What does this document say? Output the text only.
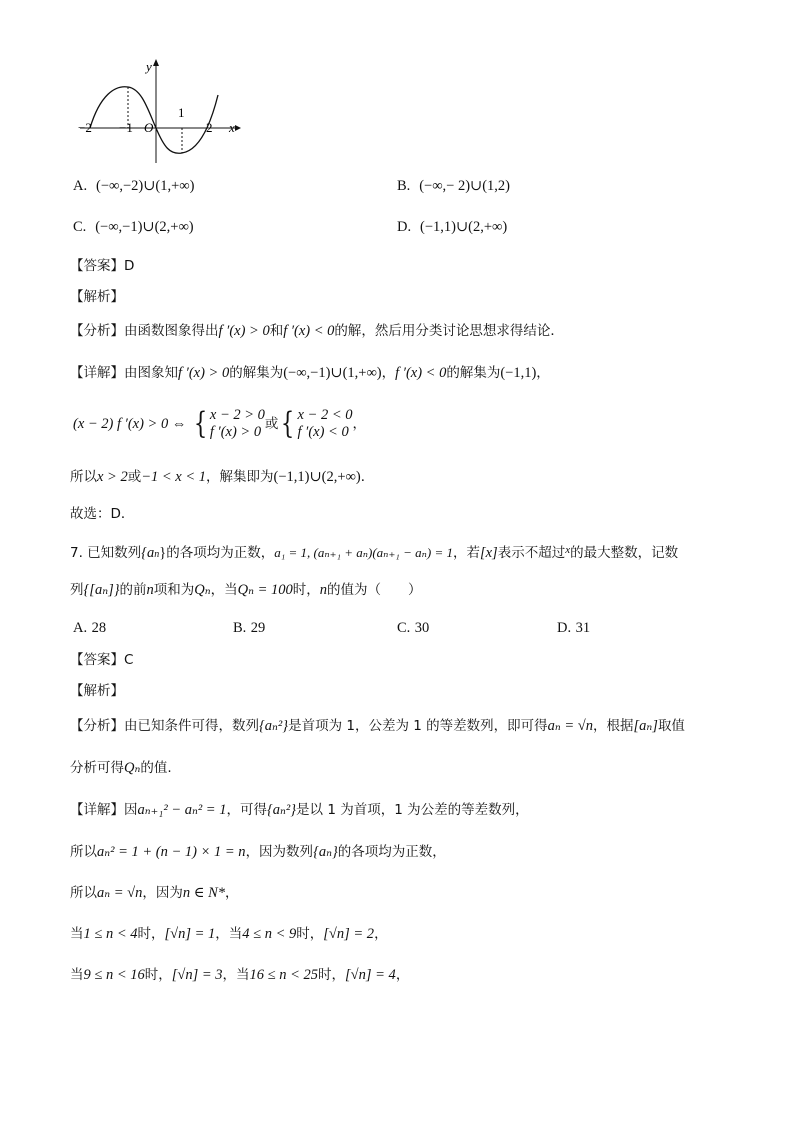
y
x
O
−2 −1
1
2
A. (−∞,−2)∪(1,+∞)	B. (−∞,− 2)∪(1,2)
C. (−∞,−1)∪(2,+∞)	D. (−1,1)∪(2,+∞)
【答案】D
【解析】
【分析】由函数图象得出f ′(x) > 0和f ′(x) < 0的解，然后用分类讨论思想求得结论．
【详解】由图象知f ′(x) > 0的解集为(−∞,−1)∪(1,+∞)，f ′(x) < 0的解集为(−1,1)，
(x − 2) f ′(x) > 0 ⇔ { x − 2 > 0
f ′(x) > 0 或{ x − 2 < 0
f ′(x) < 0 ，
所以x > 2或−1 < x < 1，解集即为(−1,1)∪(2,+∞)．
故选：D．
7. 已知数列{an}的各项均为正数，a₁ = 1, (aₙ₊₁ + aₙ)(aₙ₊₁ − aₙ) = 1，若[x]表示不超过$^x$的最大整数，记数
列{[aₙ]}的前n项和为Qₙ，当Qₙ = 100时，n的值为（　　）
A. 28	B. 29	C. 30	D. 31
【答案】C
【解析】
【分析】由已知条件可得，数列{aₙ²}是首项为 1，公差为 1 的等差数列，即可得aₙ = √n，根据[aₙ]取值
分析可得Qₙ的值.
【详解】因aₙ₊₁² − aₙ² = 1，可得{aₙ²}是以 1 为首项，1 为公差的等差数列，
所以aₙ² = 1 + (n − 1) × 1 = n，因为数列{aₙ}的各项均为正数，
所以aₙ = √n，因为n ∈ N*，
当1 ≤ n < 4时，[√n] = 1，当4 ≤ n < 9时，[√n] = 2，
当9 ≤ n < 16时，[√n] = 3，当16 ≤ n < 25时，[√n] = 4，
